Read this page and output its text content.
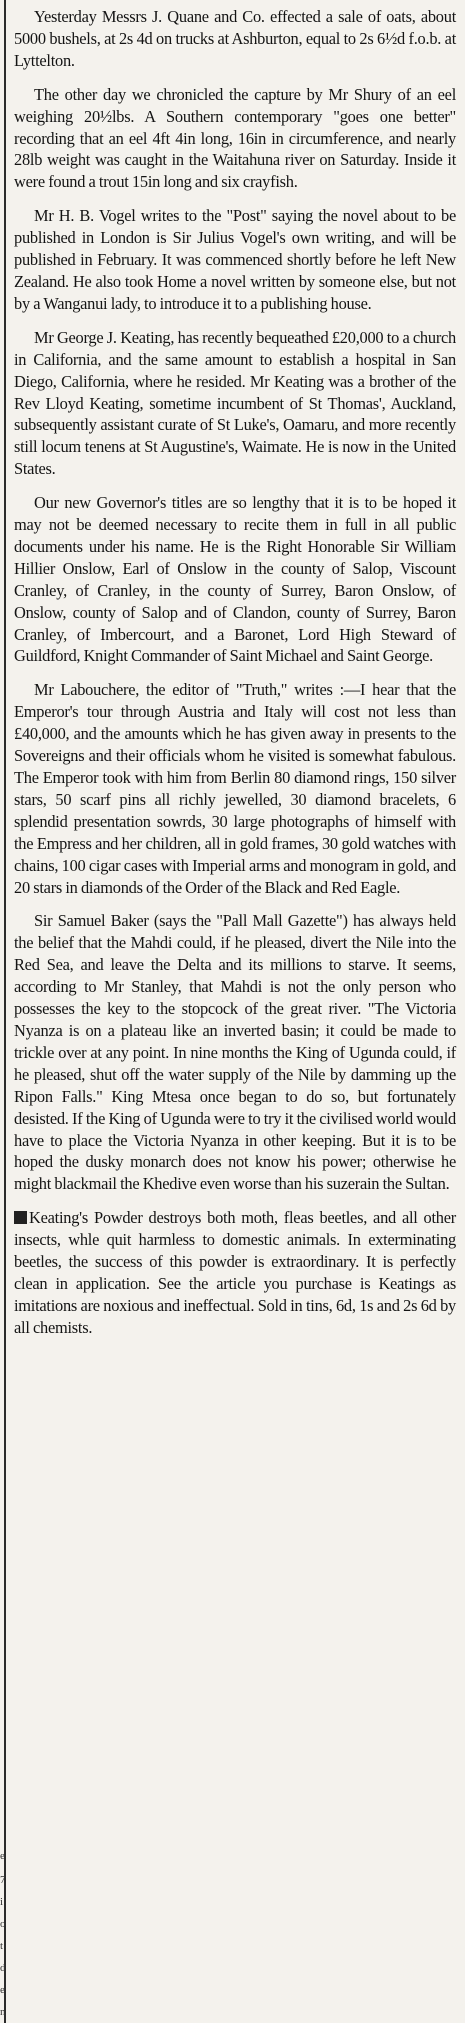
e
7
i
o
t
d
e
n

Yesterday Messrs J. Quane and Co. effected a sale of oats, about 5000 bushels, at 2s 4d on trucks at Ashburton, equal to 2s 6½d f.o.b. at Lyttelton.

The other day we chronicled the capture by Mr Shury of an eel weighing 20½lbs. A Southern contemporary "goes one better" recording that an eel 4ft 4in long, 16in in circumference, and nearly 28lb weight was caught in the Waitahuna river on Saturday. Inside it were found a trout 15in long and six crayfish.

Mr H. B. Vogel writes to the "Post" saying the novel about to be published in London is Sir Julius Vogel's own writing, and will be published in February. It was commenced shortly before he left New Zealand. He also took Home a novel written by someone else, but not by a Wanganui lady, to introduce it to a publishing house.

Mr George J. Keating, has recently bequeathed £20,000 to a church in California, and the same amount to establish a hospital in San Diego, California, where he resided. Mr Keating was a brother of the Rev Lloyd Keating, sometime incumbent of St Thomas', Auckland, subsequently assistant curate of St Luke's, Oamaru, and more recently still locum tenens at St Augustine's, Waimate. He is now in the United States.

Our new Governor's titles are so lengthy that it is to be hoped it may not be deemed necessary to recite them in full in all public documents under his name. He is the Right Honorable Sir William Hillier Onslow, Earl of Onslow in the county of Salop, Viscount Cranley, of Cranley, in the county of Surrey, Baron Onslow, of Onslow, county of Salop and of Clandon, county of Surrey, Baron Cranley, of Imbercourt, and a Baronet, Lord High Steward of Guildford, Knight Commander of Saint Michael and Saint George.

Mr Labouchere, the editor of "Truth," writes :—I hear that the Emperor's tour through Austria and Italy will cost not less than £40,000, and the amounts which he has given away in presents to the Sovereigns and their officials whom he visited is somewhat fabulous. The Emperor took with him from Berlin 80 diamond rings, 150 silver stars, 50 scarf pins all richly jewelled, 30 diamond bracelets, 6 splendid presentation sowrds, 30 large photographs of himself with the Empress and her children, all in gold frames, 30 gold watches with chains, 100 cigar cases with Imperial arms and monogram in gold, and 20 stars in diamonds of the Order of the Black and Red Eagle.

Sir Samuel Baker (says the "Pall Mall Gazette") has always held the belief that the Mahdi could, if he pleased, divert the Nile into the Red Sea, and leave the Delta and its millions to starve. It seems, according to Mr Stanley, that Mahdi is not the only person who possesses the key to the stopcock of the great river. "The Victoria Nyanza is on a plateau like an inverted basin; it could be made to trickle over at any point. In nine months the King of Ugunda could, if he pleased, shut off the water supply of the Nile by damming up the Ripon Falls." King Mtesa once began to do so, but fortunately desisted. If the King of Ugunda were to try it the civilised world would have to place the Victoria Nyanza in other keeping. But it is to be hoped the dusky monarch does not know his power; otherwise he might blackmail the Khedive even worse than his suzerain the Sultan.

Keating's Powder destroys both moth, fleas beetles, and all other insects, whle quit harmless to domestic animals. In exterminating beetles, the success of this powder is extraordinary. It is perfectly clean in application. See the article you purchase is Keatings as imitations are noxious and ineffectual. Sold in tins, 6d, 1s and 2s 6d by all chemists.
